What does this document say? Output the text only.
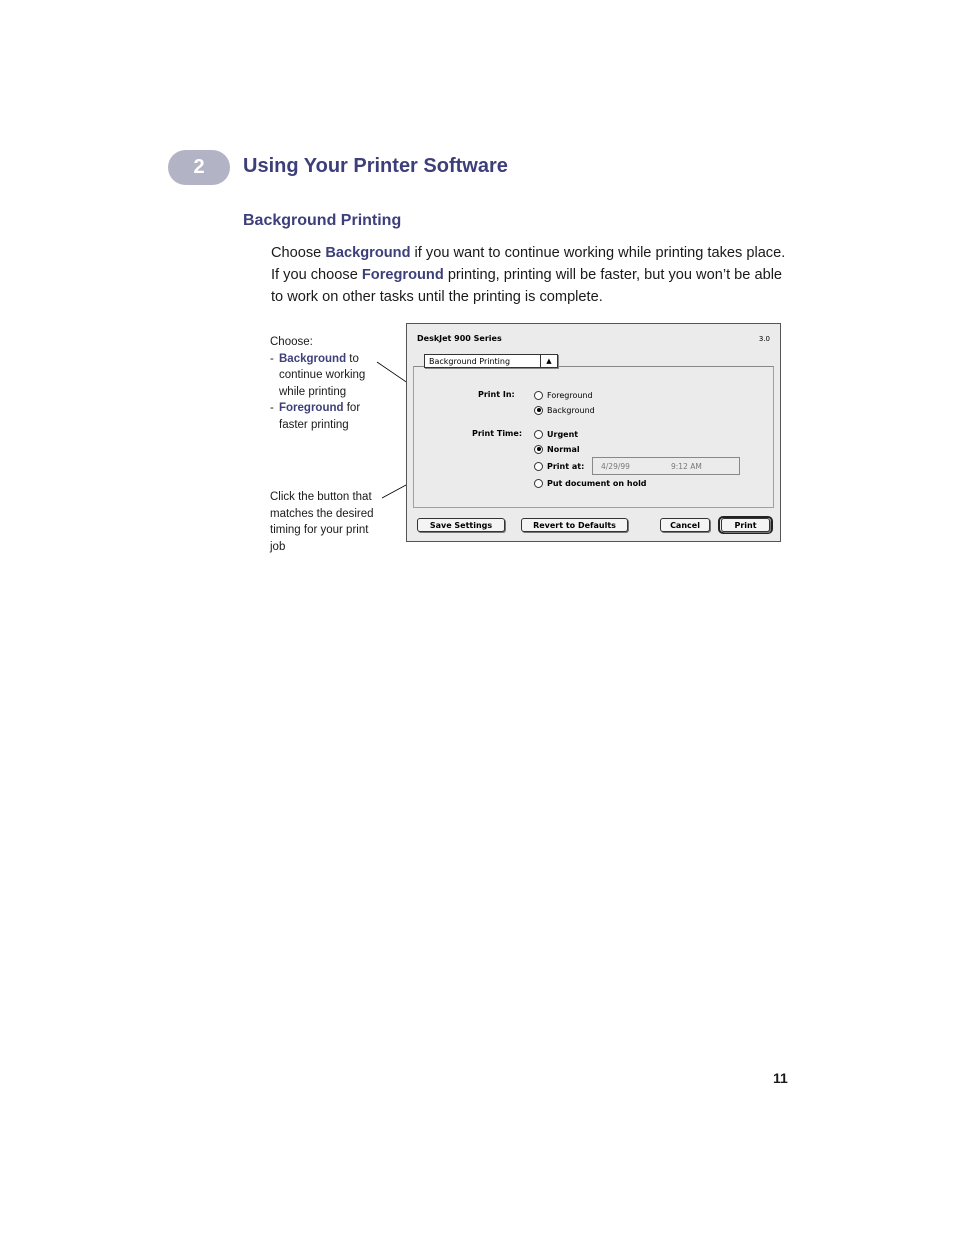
2 Using Your Printer Software
Background Printing
Choose Background if you want to continue working while printing takes place. If you choose Foreground printing, printing will be faster, but you won’t be able to work on other tasks until the printing is complete.
Choose:
- Background to continue working while printing
- Foreground for faster printing
Click the button that matches the desired timing for your print job
DeskJet 900 Series	3.0
Background Printing	▲︎
Print In:	Foreground
Background
Print Time:	Urgent
Normal
Print at: 4/29/99	9:12 AM
Put document on hold
Save Settings	Revert to Defaults	Cancel	Print
11
